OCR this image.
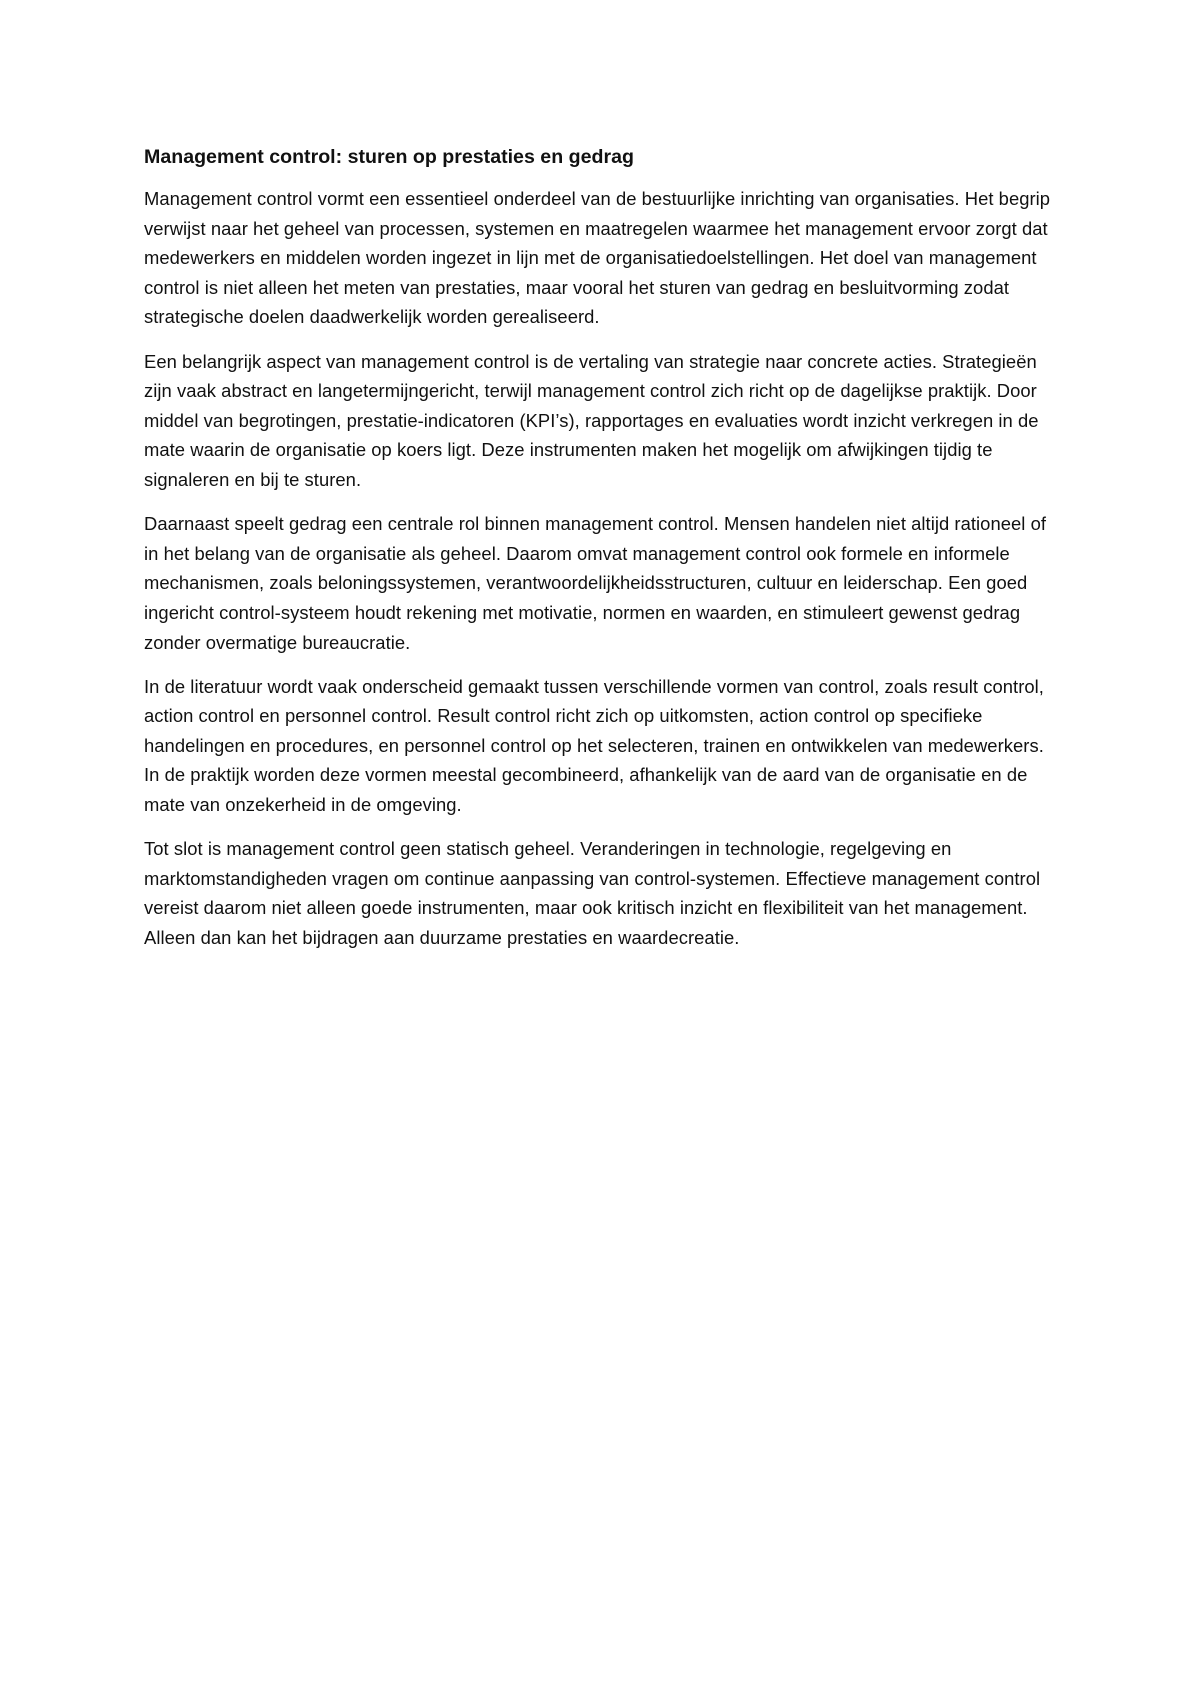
Management control: sturen op prestaties en gedrag

Management control vormt een essentieel onderdeel van de bestuurlijke inrichting van organisaties. Het begrip verwijst naar het geheel van processen, systemen en maatregelen waarmee het management ervoor zorgt dat medewerkers en middelen worden ingezet in lijn met de organisatiedoelstellingen. Het doel van management control is niet alleen het meten van prestaties, maar vooral het sturen van gedrag en besluitvorming zodat strategische doelen daadwerkelijk worden gerealiseerd.

Een belangrijk aspect van management control is de vertaling van strategie naar concrete acties. Strategieën zijn vaak abstract en langetermijngericht, terwijl management control zich richt op de dagelijkse praktijk. Door middel van begrotingen, prestatie-indicatoren (KPI’s), rapportages en evaluaties wordt inzicht verkregen in de mate waarin de organisatie op koers ligt. Deze instrumenten maken het mogelijk om afwijkingen tijdig te signaleren en bij te sturen.

Daarnaast speelt gedrag een centrale rol binnen management control. Mensen handelen niet altijd rationeel of in het belang van de organisatie als geheel. Daarom omvat management control ook formele en informele mechanismen, zoals beloningssystemen, verantwoordelijkheidsstructuren, cultuur en leiderschap. Een goed ingericht control-systeem houdt rekening met motivatie, normen en waarden, en stimuleert gewenst gedrag zonder overmatige bureaucratie.

In de literatuur wordt vaak onderscheid gemaakt tussen verschillende vormen van control, zoals result control, action control en personnel control. Result control richt zich op uitkomsten, action control op specifieke handelingen en procedures, en personnel control op het selecteren, trainen en ontwikkelen van medewerkers. In de praktijk worden deze vormen meestal gecombineerd, afhankelijk van de aard van de organisatie en de mate van onzekerheid in de omgeving.

Tot slot is management control geen statisch geheel. Veranderingen in technologie, regelgeving en marktomstandigheden vragen om continue aanpassing van control-systemen. Effectieve management control vereist daarom niet alleen goede instrumenten, maar ook kritisch inzicht en flexibiliteit van het management. Alleen dan kan het bijdragen aan duurzame prestaties en waardecreatie.
